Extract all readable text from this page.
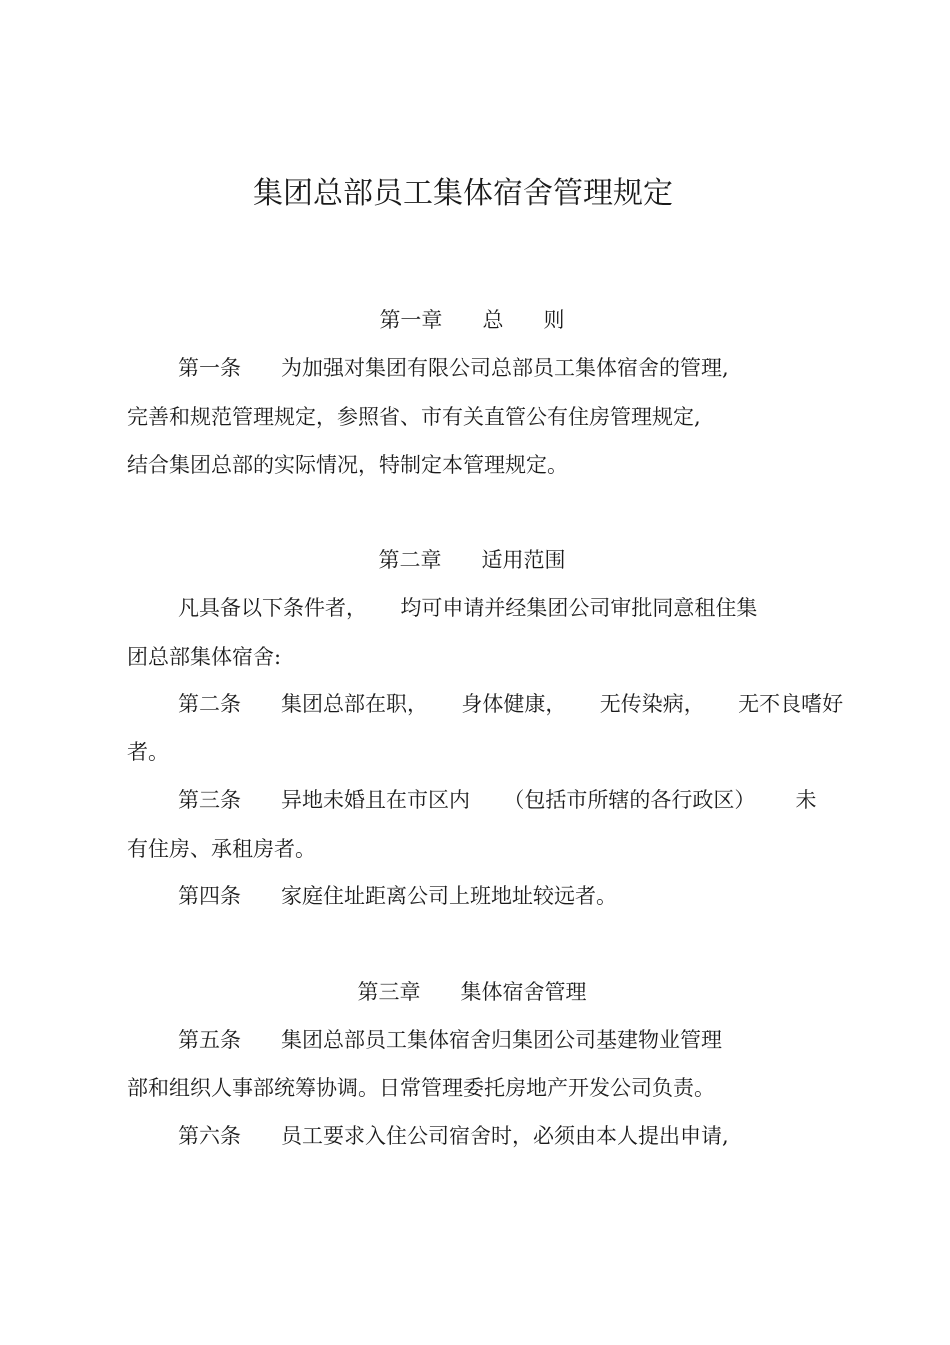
集团总部员工集体宿舍管理规定

第一章      总      则

第一条      为加强对集团有限公司总部员工集体宿舍的管理,

完善和规范管理规定，参照省、市有关直管公有住房管理规定,

结合集团总部的实际情况，特制定本管理规定。

第二章      适用范围

凡具备以下条件者，     均可申请并经集团公司审批同意租住集

团总部集体宿舍:

第二条      集团总部在职，     身体健康，     无传染病，     无不良嗜好

者。

第三条      异地未婚且在市区内     （包括市所辖的各行政区）      未

有住房、承租房者。

第四条      家庭住址距离公司上班地址较远者。

第三章      集体宿舍管理

第五条      集团总部员工集体宿舍归集团公司基建物业管理

部和组织人事部统筹协调。日常管理委托房地产开发公司负责。

第六条      员工要求入住公司宿舍时，必须由本人提出申请,
